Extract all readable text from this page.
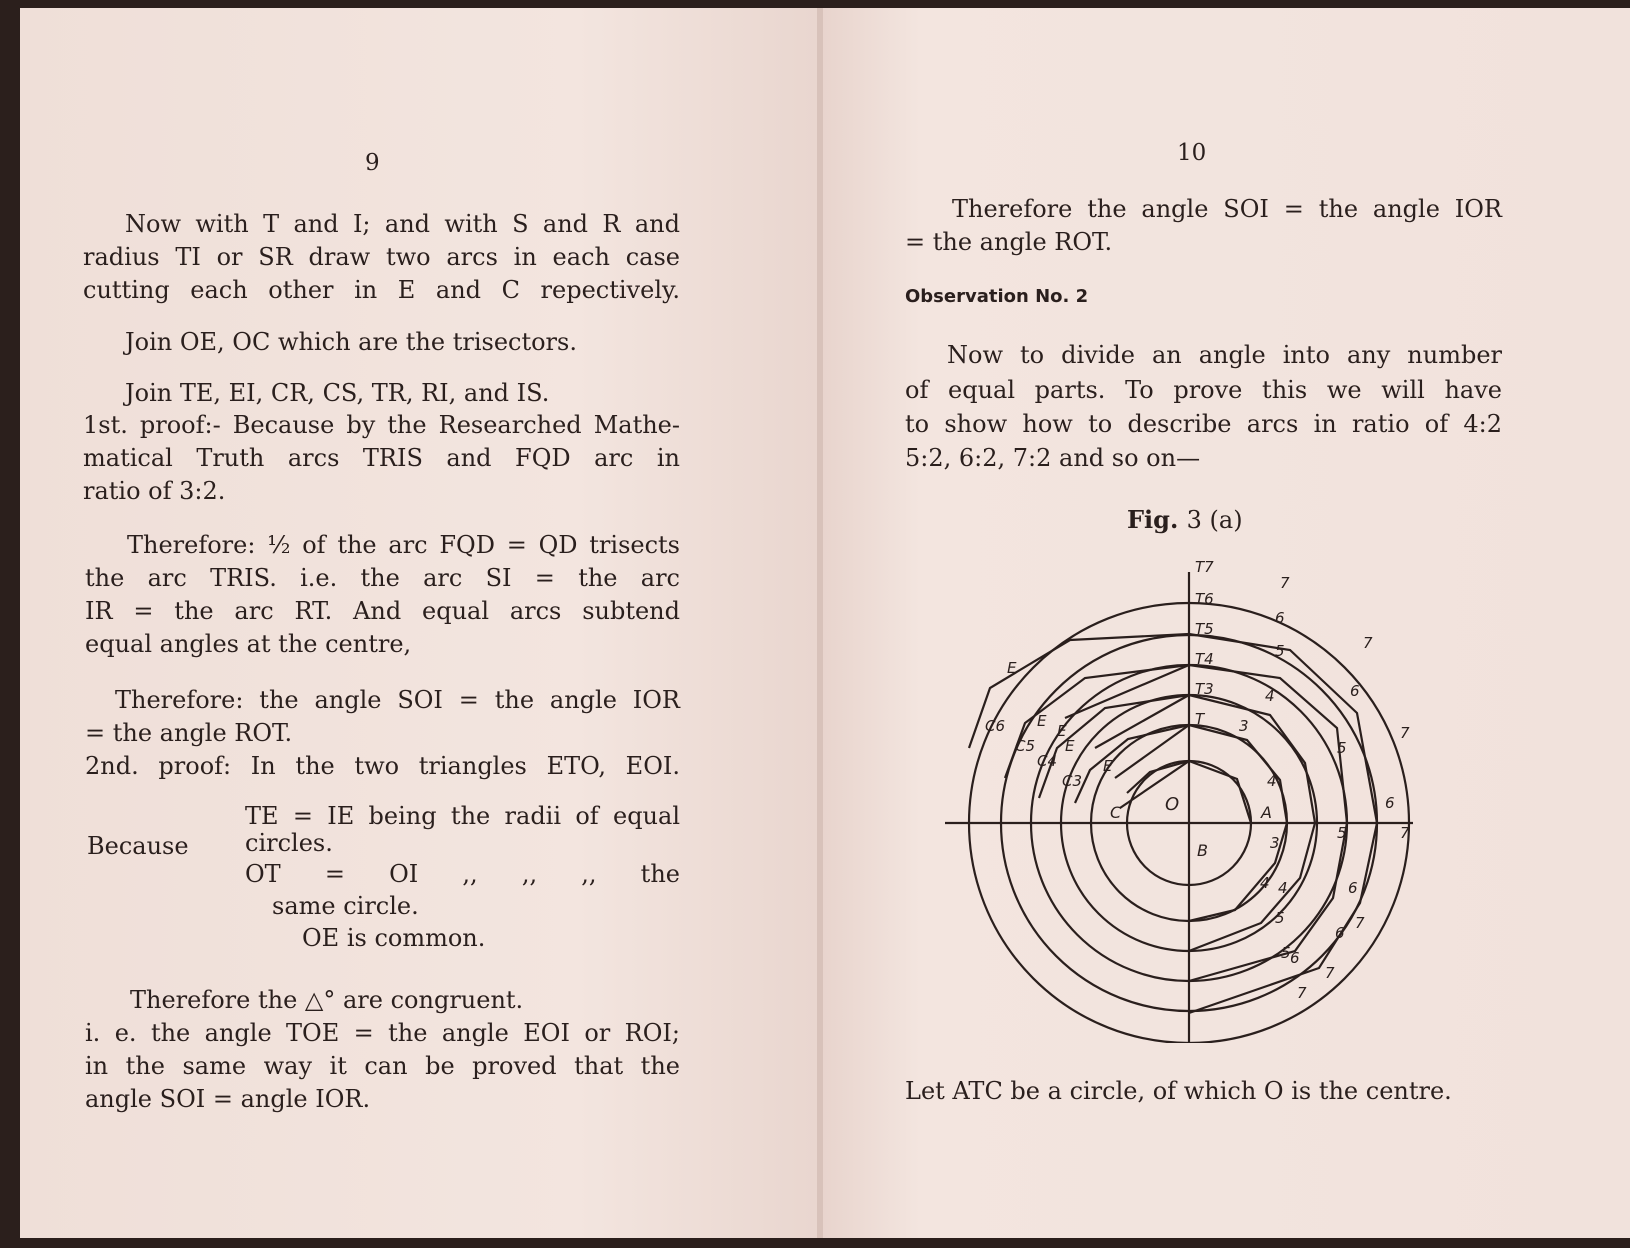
9

Now with T and I; and with S and R and

radius TI or SR draw two arcs in each case

cutting each other in E and C repectively.

Join OE, OC which are the trisectors.

Join TE, EI, CR, CS, TR, RI, and IS.

1st. proof:- Because by the Researched Mathe-

matical Truth arcs TRIS and FQD arc in

ratio of 3:2.

Therefore: ½ of the arc FQD = QD trisects

the arc TRIS. i.e. the arc SI = the arc

IR = the arc RT. And equal arcs subtend

equal angles at the centre,

Therefore: the angle SOI = the angle IOR

= the angle ROT.

2nd. proof: In the two triangles ETO, EOI.

Because

TE = IE being the radii of equal

circles.

OT = OI ,, ,, ,, the

same circle.

OE is common.

Therefore the △° are congruent.

i. e. the angle TOE = the angle EOI or ROI;

in the same way it can be proved that the

angle SOI = angle IOR.

10

Therefore the angle SOI = the angle IOR

= the angle ROT.

Observation No. 2

Now to divide an angle into any number

of equal parts. To prove this we will have

to show how to describe arcs in ratio of 4:2

5:2, 6:2, 7:2 and so on—

Fig. 3 (a)
T7
T6
T5
T4
T3
T
O	A
B
C
E
E
E
E
E
C6
C5
C4
C3
7
6
5
4
3
7
6
5
4
7
6
5
3
4
7
6
5
4
7
6
5
7
6
7

Let ATC be a circle, of which O is the centre.
